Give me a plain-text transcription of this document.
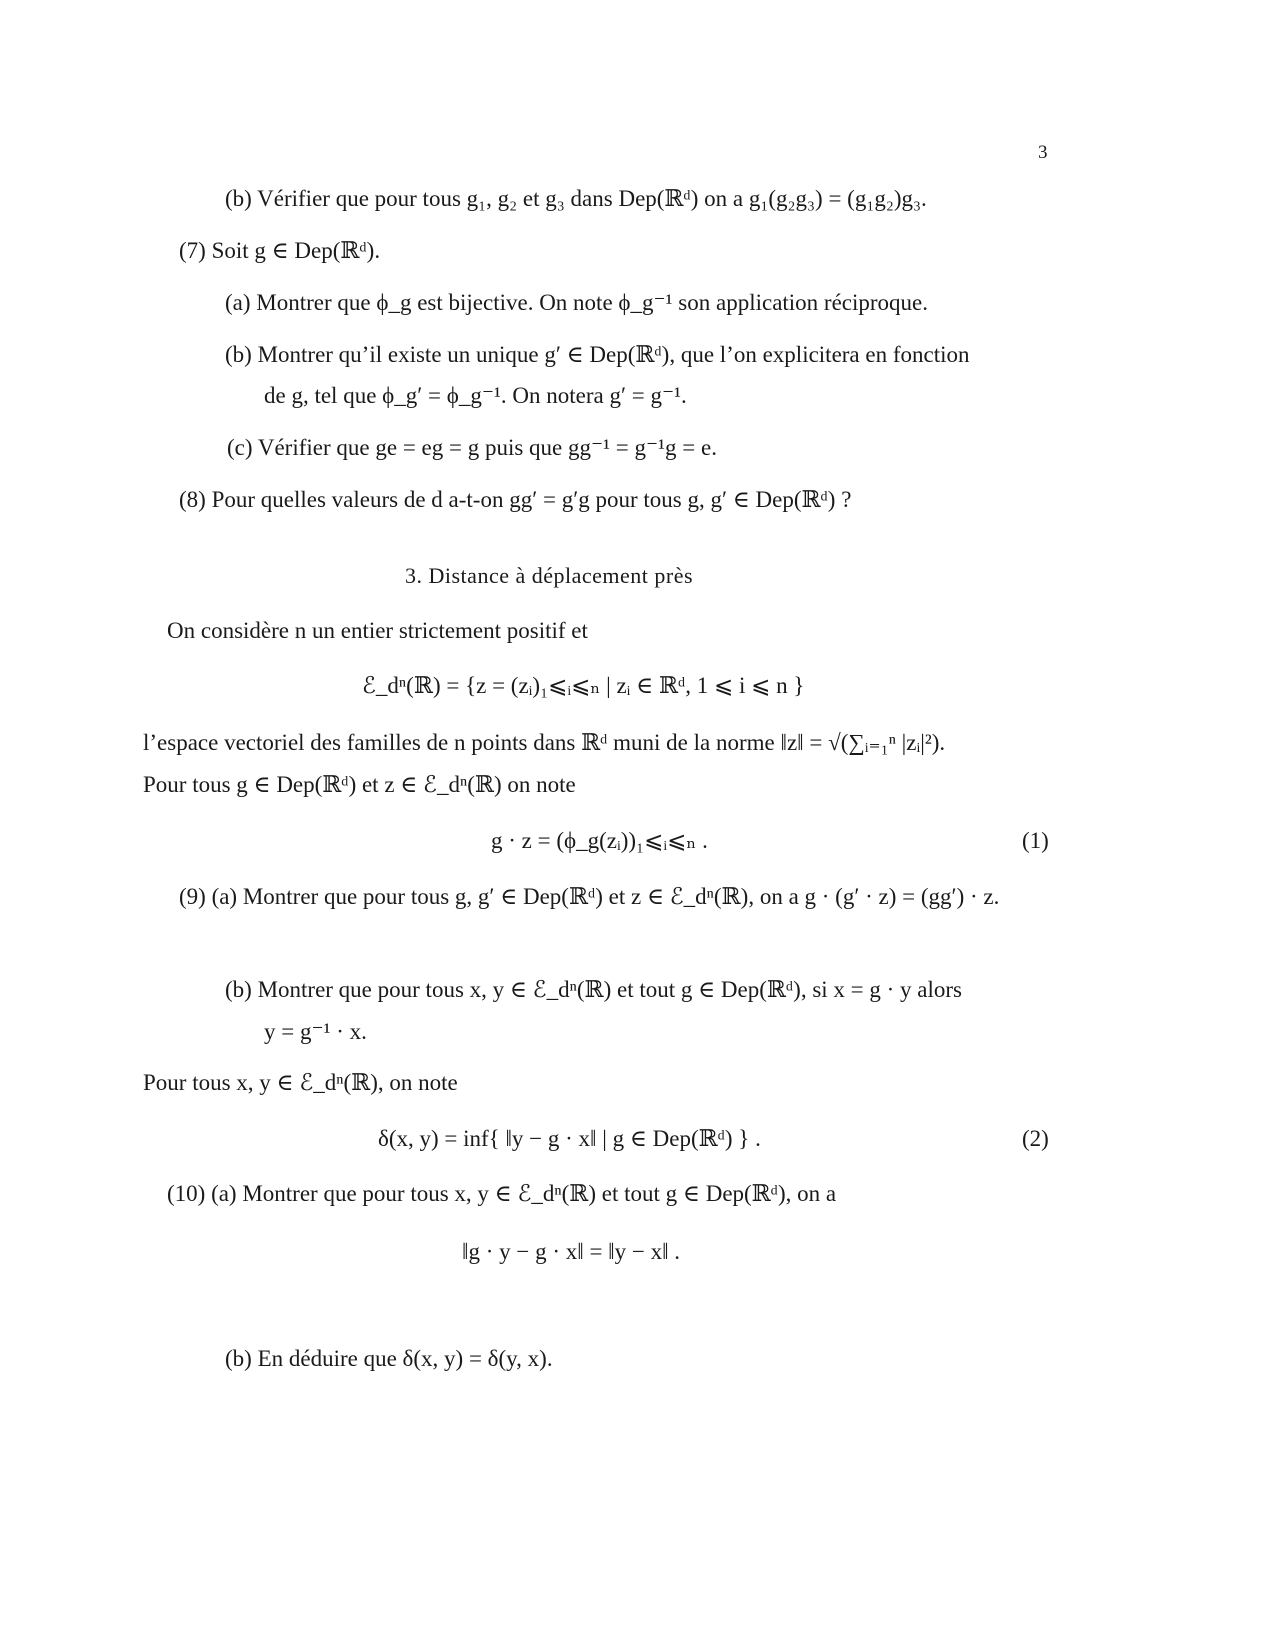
3
(b) Vérifier que pour tous g₁, g₂ et g₃ dans Dep(ℝᵈ) on a g₁(g₂g₃) = (g₁g₂)g₃.
(7) Soit g ∈ Dep(ℝᵈ).
(a) Montrer que ϕ_g est bijective. On note ϕ_g⁻¹ son application réciproque.
(b) Montrer qu’il existe un unique g′ ∈ Dep(ℝᵈ), que l’on explicitera en fonction
de g, tel que ϕ_g′ = ϕ_g⁻¹. On notera g′ = g⁻¹.
(c) Vérifier que ge = eg = g puis que gg⁻¹ = g⁻¹g = e.
(8) Pour quelles valeurs de d a-t-on gg′ = g′g pour tous g, g′ ∈ Dep(ℝᵈ) ?
3. Distance à déplacement près
On considère n un entier strictement positif et
ℰ_dⁿ(ℝ) = {z = (zᵢ)₁⩽ᵢ⩽ₙ | zᵢ ∈ ℝᵈ, 1 ⩽ i ⩽ n }
l’espace vectoriel des familles de n points dans ℝᵈ muni de la norme ‖z‖ = √(∑ᵢ₌₁ⁿ |zᵢ|²).
Pour tous g ∈ Dep(ℝᵈ) et z ∈ ℰ_dⁿ(ℝ) on note
g · z = (ϕ_g(zᵢ))₁⩽ᵢ⩽ₙ .	(1)
(9) (a) Montrer que pour tous g, g′ ∈ Dep(ℝᵈ) et z ∈ ℰ_dⁿ(ℝ), on a g · (g′ · z) = (gg′) · z.
(b) Montrer que pour tous x, y ∈ ℰ_dⁿ(ℝ) et tout g ∈ Dep(ℝᵈ), si x = g · y alors
y = g⁻¹ · x.
Pour tous x, y ∈ ℰ_dⁿ(ℝ), on note
δ(x, y) = inf{ ‖y − g · x‖ | g ∈ Dep(ℝᵈ) } .	(2)
(10) (a) Montrer que pour tous x, y ∈ ℰ_dⁿ(ℝ) et tout g ∈ Dep(ℝᵈ), on a
‖g · y − g · x‖ = ‖y − x‖ .
(b) En déduire que δ(x, y) = δ(y, x).
